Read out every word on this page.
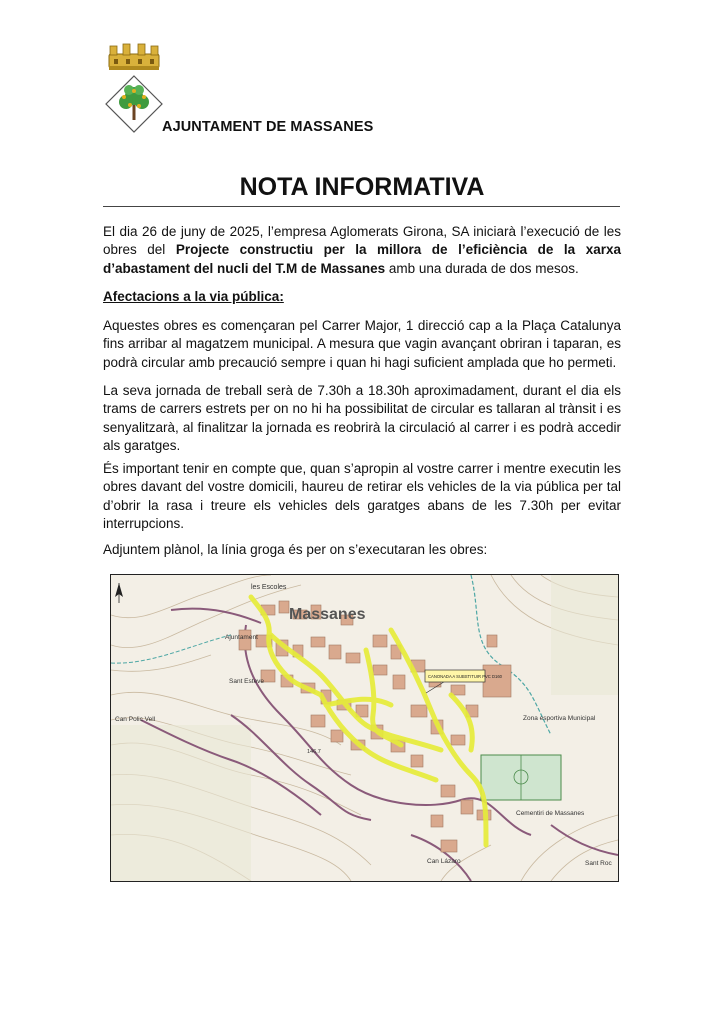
AJUNTAMENT DE MASSANES
NOTA INFORMATIVA
El dia 26 de juny de 2025, l’empresa Aglomerats Girona, SA iniciarà l’execució de les obres del Projecte constructiu per la millora de l’eficiència de la xarxa d’abastament del nucli del T.M de Massanes amb una durada de dos mesos.
Afectacions a la via pública:
Aquestes obres es començaran pel Carrer Major, 1 direcció cap a la Plaça Catalunya fins arribar al magatzem municipal. A mesura que vagin avançant obriran i taparan, es podrà circular amb precaució sempre i quan hi hagi suficient amplada que ho permeti.
La seva jornada de treball serà de 7.30h a 18.30h aproximadament, durant el dia els trams de carrers estrets per on no hi ha possibilitat de circular es tallaran al trànsit i es senyalitzarà, al finalitzar la jornada es reobrirà la circulació al carrer i es podrà accedir als garatges.
És important tenir en compte que, quan s’apropin al vostre carrer i mentre executin les obres davant del vostre domicili, haureu de retirar els vehicles de la via pública per tal d’obrir la rasa i treure els vehicles dels garatges abans de les 7.30h per evitar interrupcions.
Adjuntem plànol, la línia groga és per on s’executaran les obres:
CANONADA A SUBSTITUIR PVC D160
Massanes
les Escoles
Ajuntament
Sant Esteve
Can Polic Vell	Zona esportiva Municipal
Cementiri de Massanes
Can Lázaro	Sant Roc
146,7
